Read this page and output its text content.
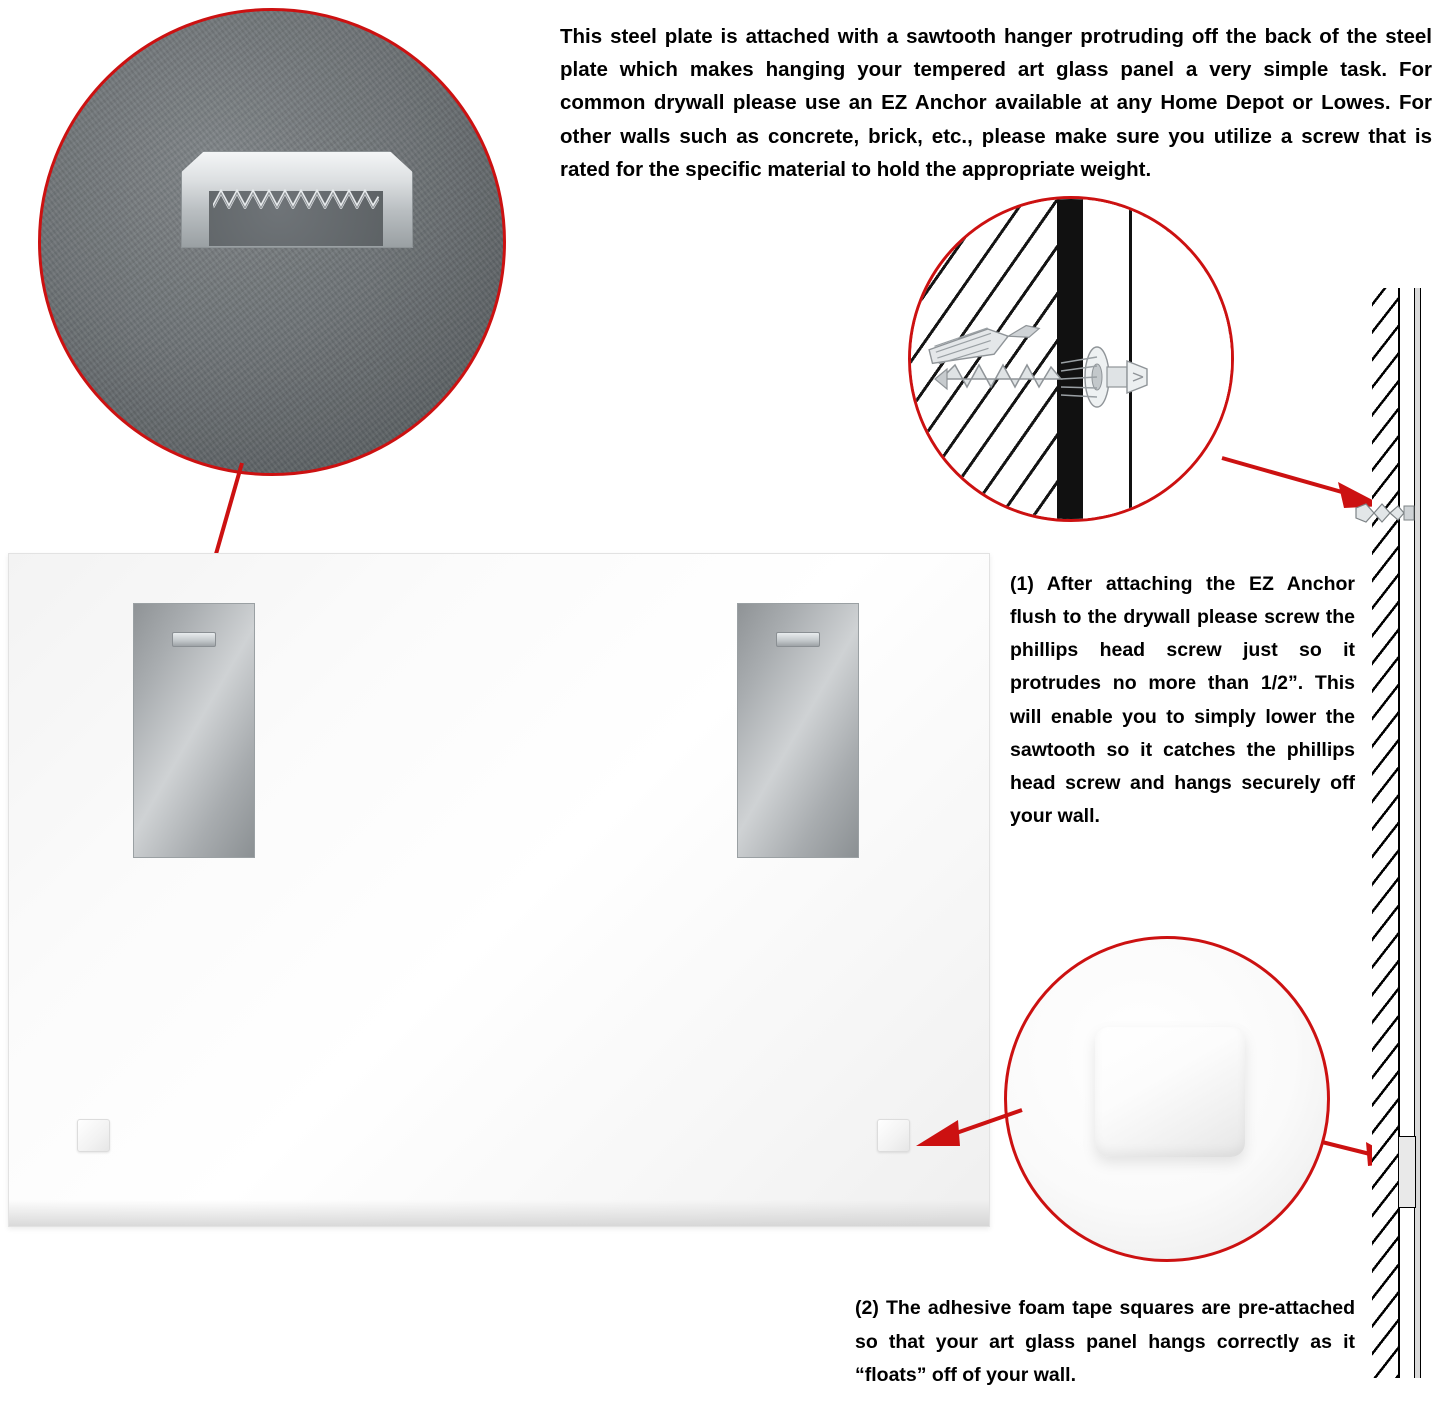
This steel plate is attached with a sawtooth hanger protruding off the back of the steel plate which makes hanging your tempered art glass panel a very simple task. For common drywall please use an EZ Anchor available at any Home Depot or Lowes. For other walls such as concrete, brick, etc., please make sure you utilize a screw that is rated for the specific material to hold the appropriate weight.
(1) After attaching the EZ Anchor flush to the drywall please screw the phillips head screw just so it protrudes no more than 1/2”. This will enable you to simply lower the sawtooth so it catches the phillips head screw and hangs securely off your wall.
(2) The adhesive foam tape squares are pre-attached so that your art glass panel hangs correctly as it “floats” off of your wall.
